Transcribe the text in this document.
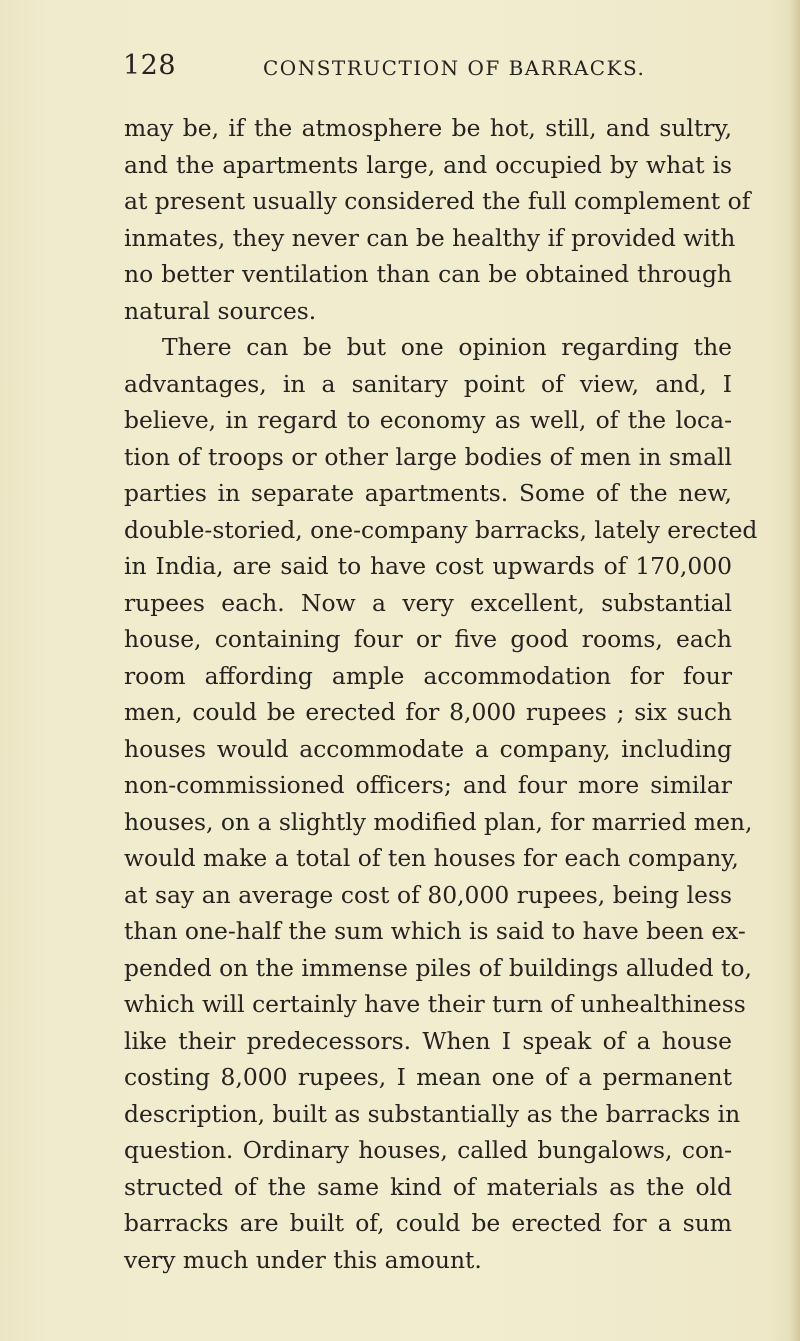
128	CONSTRUCTION OF BARRACKS.
may be, if the atmosphere be hot, still, and sultry,
and the apartments large, and occupied by what is
at present usually considered the full complement of
inmates, they never can be healthy if provided with
no better ventilation than can be obtained through
natural sources.
There can be but one opinion regarding the
advantages, in a sanitary point of view, and, I
believe, in regard to economy as well, of the loca-
tion of troops or other large bodies of men in small
parties in separate apartments. Some of the new,
double-storied, one-company barracks, lately erected
in India, are said to have cost upwards of 170,000
rupees each. Now a very excellent, substantial
house, containing four or five good rooms, each
room affording ample accommodation for four
men, could be erected for 8,000 rupees ; six such
houses would accommodate a company, including
non-commissioned officers; and four more similar
houses, on a slightly modified plan, for married men,
would make a total of ten houses for each company,
at say an average cost of 80,000 rupees, being less
than one-half the sum which is said to have been ex-
pended on the immense piles of buildings alluded to,
which will certainly have their turn of unhealthiness
like their predecessors. When I speak of a house
costing 8,000 rupees, I mean one of a permanent
description, built as substantially as the barracks in
question. Ordinary houses, called bungalows, con-
structed of the same kind of materials as the old
barracks are built of, could be erected for a sum
very much under this amount.
